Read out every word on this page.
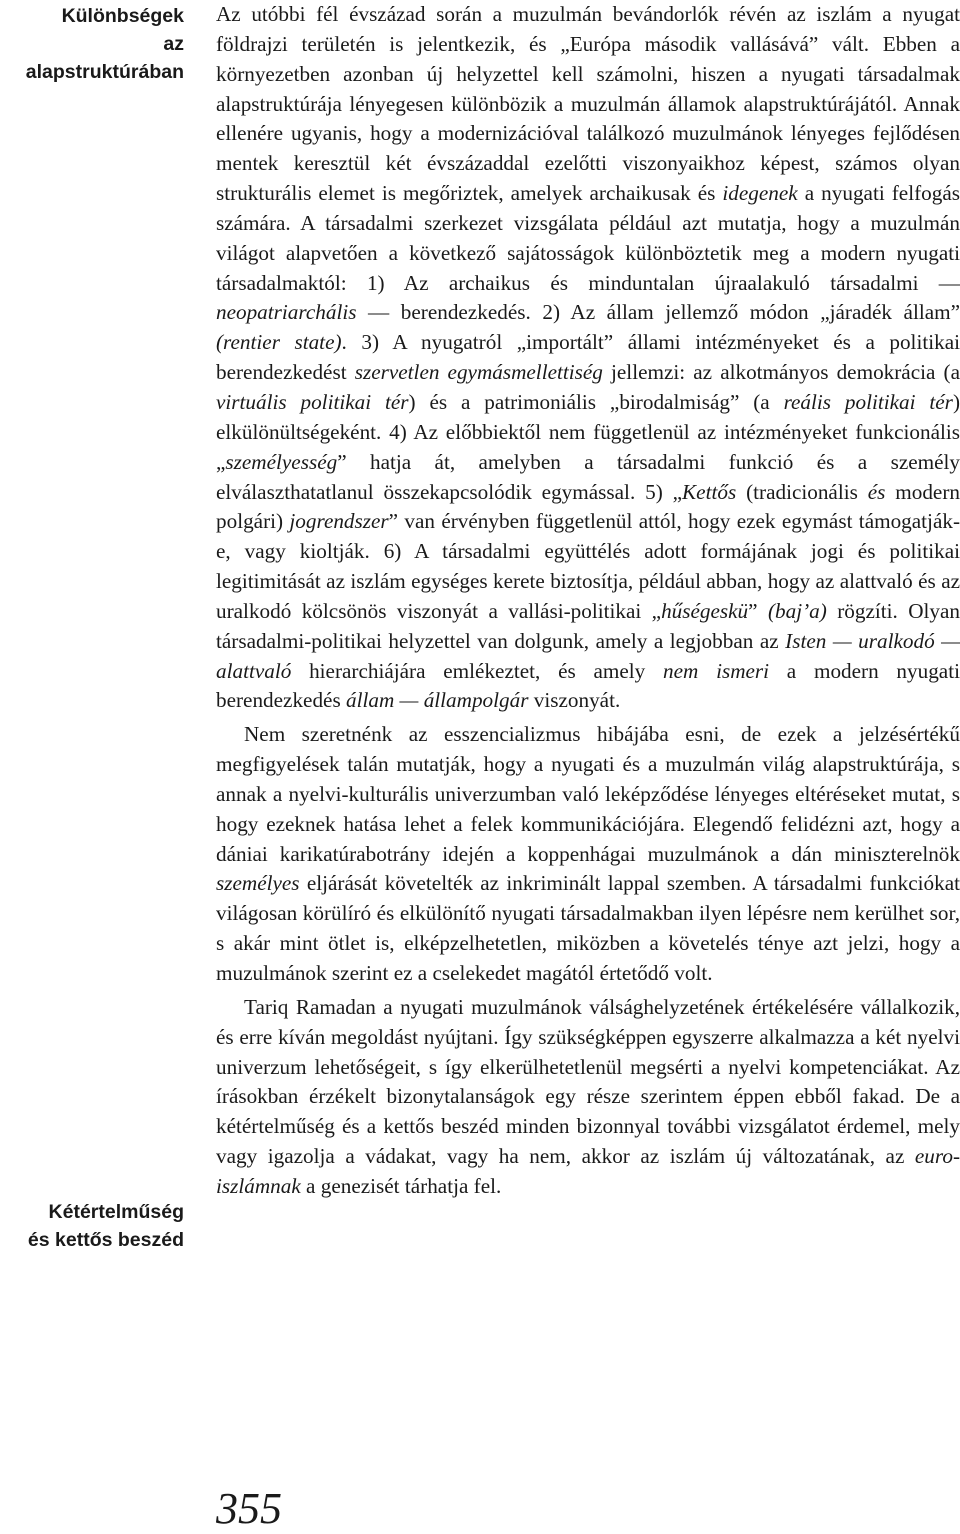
Különbségek
az alapstruktúrában
Kétértelműség
és kettős beszéd

Az utóbbi fél évszázad során a muzulmán bevándorlók révén az iszlám a nyugat földrajzi területén is jelentkezik, és „Európa második vallásává” vált. Ebben a környezetben azonban új helyzettel kell számolni, hiszen a nyugati társadalmak alapstruktúrája lényegesen különbözik a muzulmán államok alapstruktúrájától. Annak ellenére ugyanis, hogy a modernizációval találkozó muzulmánok lényeges fejlődésen mentek keresztül két évszázaddal ezelőtti viszonyaikhoz képest, számos olyan strukturális elemet is megőriztek, amelyek archaikusak és idegenek a nyugati felfogás számára. A társadalmi szerkezet vizsgálata például azt mutatja, hogy a muzulmán világot alapvetően a következő sajátosságok különböztetik meg a modern nyugati társadalmaktól: 1) Az archaikus és minduntalan újraalakuló társadalmi — neopatriarchális — berendezkedés. 2) Az állam jellemző módon „járadék állam” (rentier state). 3) A nyugatról „importált” állami intézményeket és a politikai berendezkedést szervetlen egymásmellettiség jellemzi: az alkotmányos demokrácia (a virtuális politikai tér) és a patrimoniális „birodalmiság” (a reális politikai tér) elkülönültségeként. 4) Az előbbiektől nem függetlenül az intézményeket funkcionális „személyesség” hatja át, amelyben a társadalmi funkció és a személy elválaszthatatlanul összekapcsolódik egymással. 5) „Kettős (tradicionális és modern polgári) jogrendszer” van érvényben függetlenül attól, hogy ezek egymást támogatják-e, vagy kioltják. 6) A társadalmi együttélés adott formájának jogi és politikai legitimitását az iszlám egységes kerete biztosítja, például abban, hogy az alattvaló és az uralkodó kölcsönös viszonyát a vallási-politikai „hűségeskü” (baj’a) rögzíti. Olyan társadalmi-politikai helyzettel van dolgunk, amely a legjobban az Isten — uralkodó — alattvaló hierarchiájára emlékeztet, és amely nem ismeri a modern nyugati berendezkedés állam — állampolgár viszonyát.

Nem szeretnénk az esszencializmus hibájába esni, de ezek a jelzésértékű megfigyelések talán mutatják, hogy a nyugati és a muzulmán világ alapstruktúrája, s annak a nyelvi-kulturális univerzumban való leképződése lényeges eltéréseket mutat, s hogy ezeknek hatása lehet a felek kommunikációjára. Elegendő felidézni azt, hogy a dániai karikatúrabotrány idején a koppenhágai muzulmánok a dán miniszterelnök személyes eljárását követelték az inkriminált lappal szemben. A társadalmi funkciókat világosan körülíró és elkülönítő nyugati társadalmakban ilyen lépésre nem kerülhet sor, s akár mint ötlet is, elképzelhetetlen, miközben a követelés ténye azt jelzi, hogy a muzulmánok szerint ez a cselekedet magától értetődő volt.

Tariq Ramadan a nyugati muzulmánok válsághelyzetének értékelésére vállalkozik, és erre kíván megoldást nyújtani. Így szükségképpen egyszerre alkalmazza a két nyelvi univerzum lehetőségeit, s így elkerülhetetlenül megsérti a nyelvi kompetenciákat. Az írásokban érzékelt bizonytalanságok egy része szerintem éppen ebből fakad. De a kétértelműség és a kettős beszéd minden bizonnyal további vizsgálatot érdemel, mely vagy igazolja a vádakat, vagy ha nem, akkor az iszlám új változatának, az euro-iszlámnak a genezisét tárhatja fel.

355
